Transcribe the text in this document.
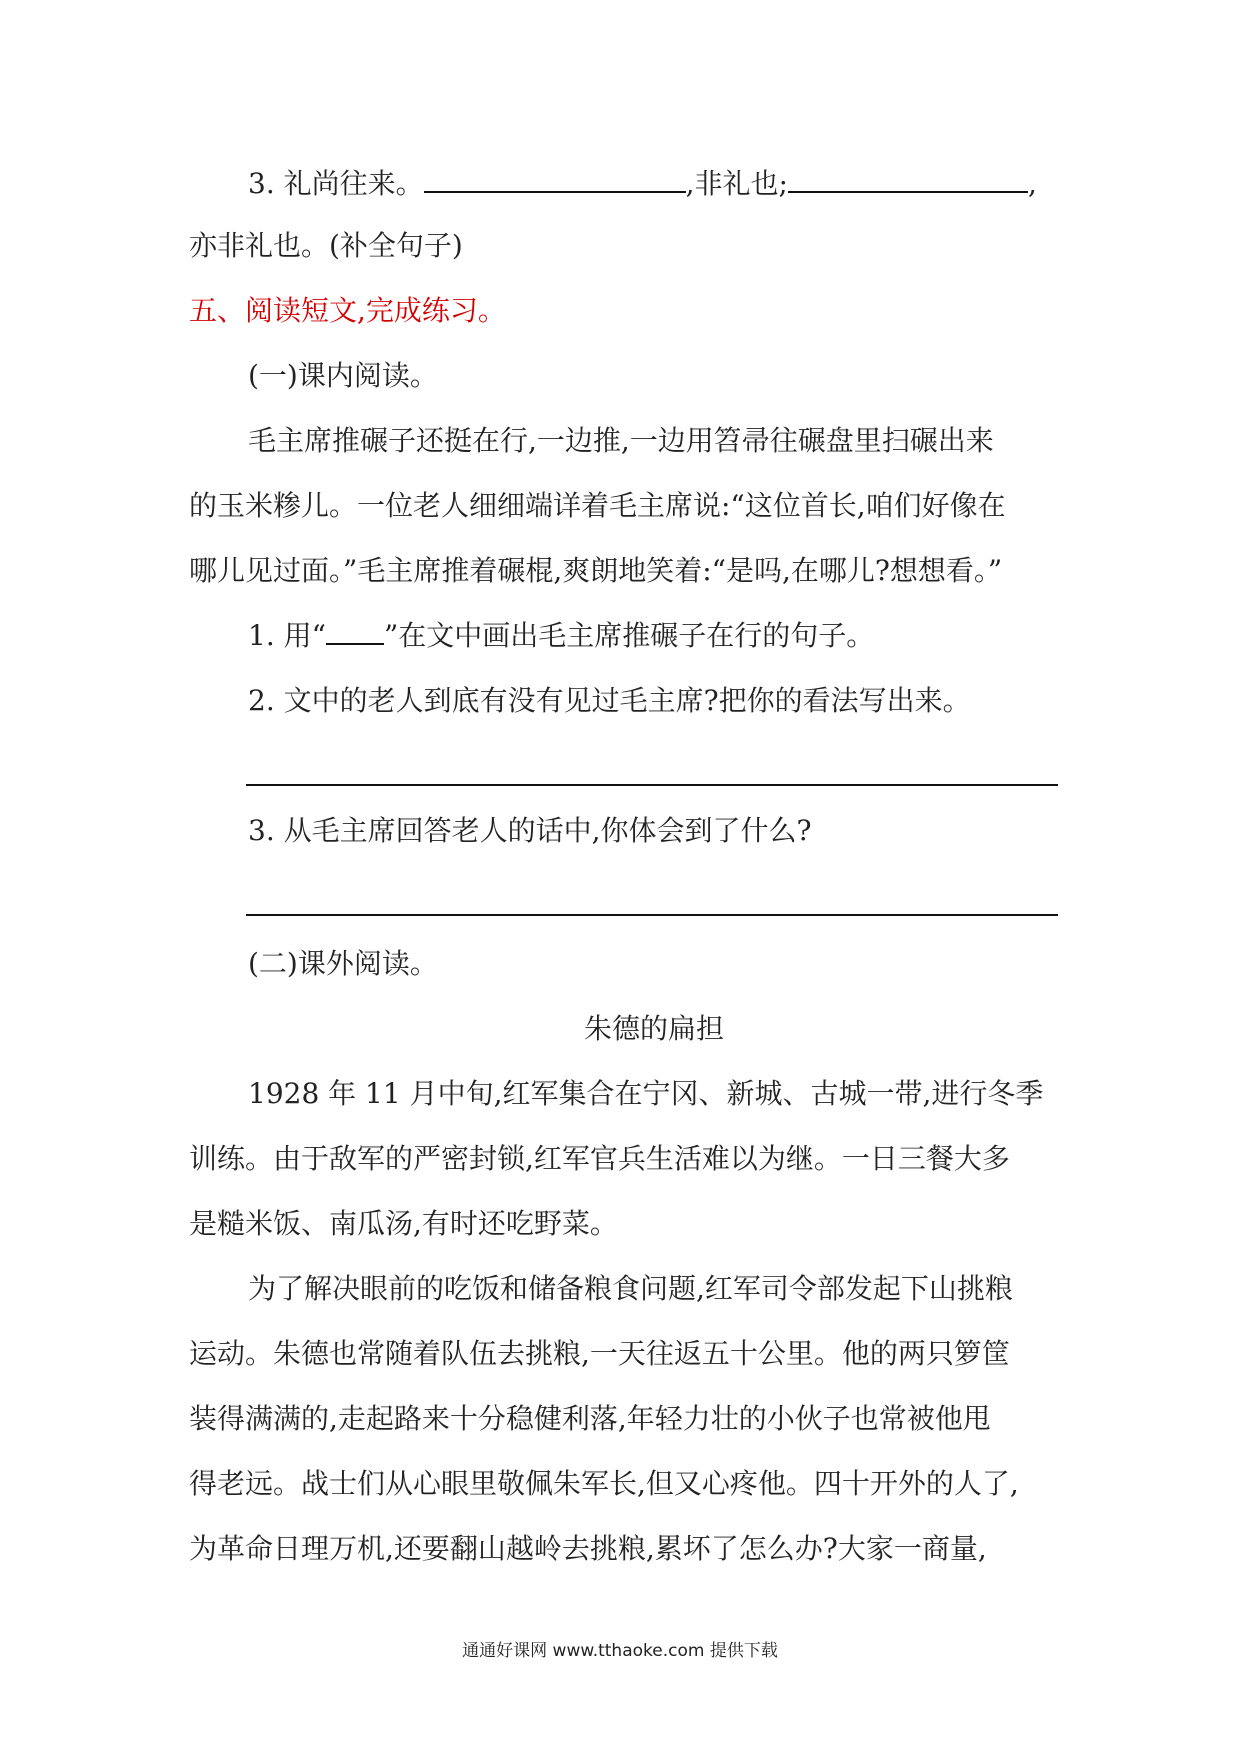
3. 礼尚往来。	,非礼也;	,
亦非礼也。(补全句子)
五、阅读短文,完成练习。
(一)课内阅读。
毛主席推碾子还挺在行,一边推,一边用笤帚往碾盘里扫碾出来
的玉米糁儿。一位老人细细端详着毛主席说:“这位首长,咱们好像在
哪儿见过面。”毛主席推着碾棍,爽朗地笑着:“是吗,在哪儿?想想看。”
1. 用“ ”在文中画出毛主席推碾子在行的句子。
2. 文中的老人到底有没有见过毛主席?把你的看法写出来。
3. 从毛主席回答老人的话中,你体会到了什么?
(二)课外阅读。
朱德的扁担
1928 年 11 月中旬,红军集合在宁冈、新城、古城一带,进行冬季
训练。由于敌军的严密封锁,红军官兵生活难以为继。一日三餐大多
是糙米饭、南瓜汤,有时还吃野菜。
为了解决眼前的吃饭和储备粮食问题,红军司令部发起下山挑粮
运动。朱德也常随着队伍去挑粮,一天往返五十公里。他的两只箩筐
装得满满的,走起路来十分稳健利落,年轻力壮的小伙子也常被他甩
得老远。战士们从心眼里敬佩朱军长,但又心疼他。四十开外的人了,
为革命日理万机,还要翻山越岭去挑粮,累坏了怎么办?大家一商量,
通通好课网 www.tthaoke.com 提供下载
